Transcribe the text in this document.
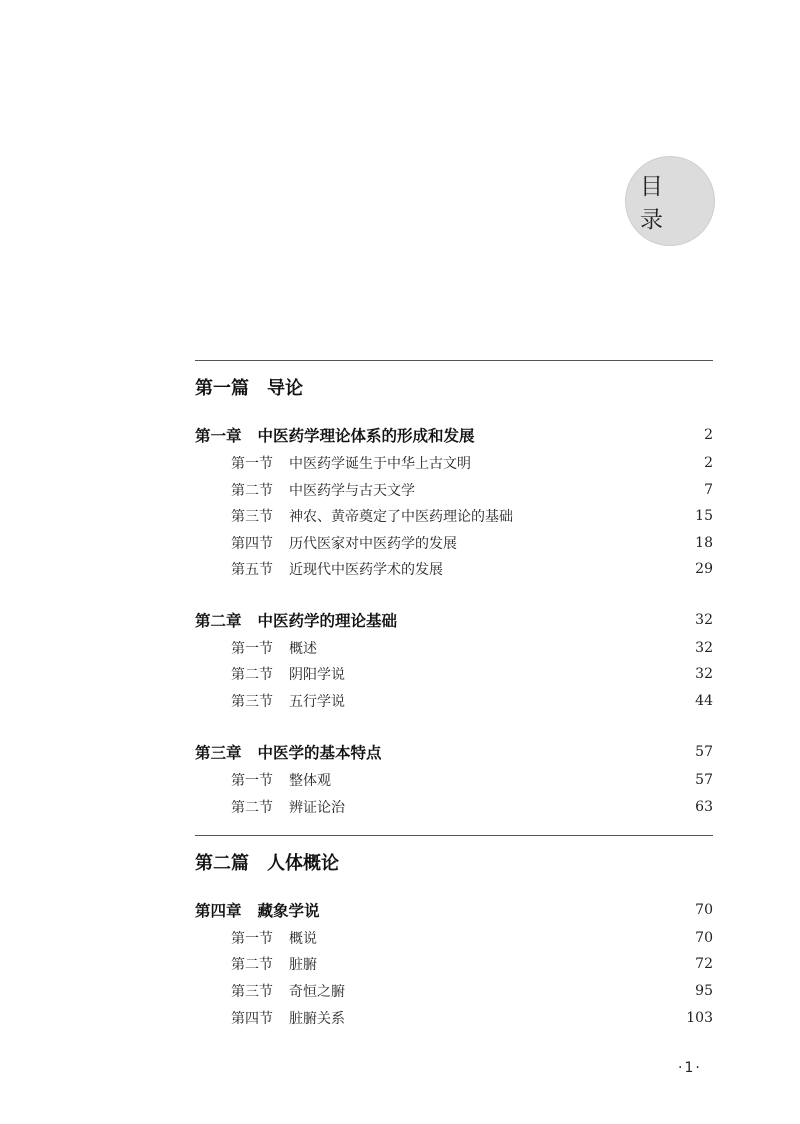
目 录
第一篇 导论
第一章 中医药学理论体系的形成和发展	2
第一节 中医药学诞生于中华上古文明	2
第二节 中医药学与古天文学	7
第三节 神农、黄帝奠定了中医药理论的基础	15
第四节 历代医家对中医药学的发展	18
第五节 近现代中医药学术的发展	29
第二章 中医药学的理论基础	32
第一节 概述	32
第二节 阴阳学说	32
第三节 五行学说	44
第三章 中医学的基本特点	57
第一节 整体观	57
第二节 辨证论治	63
第二篇 人体概论
第四章 藏象学说	70
第一节 概说	70
第二节 脏腑	72
第三节 奇恒之腑	95
第四节 脏腑关系	103
·1·
